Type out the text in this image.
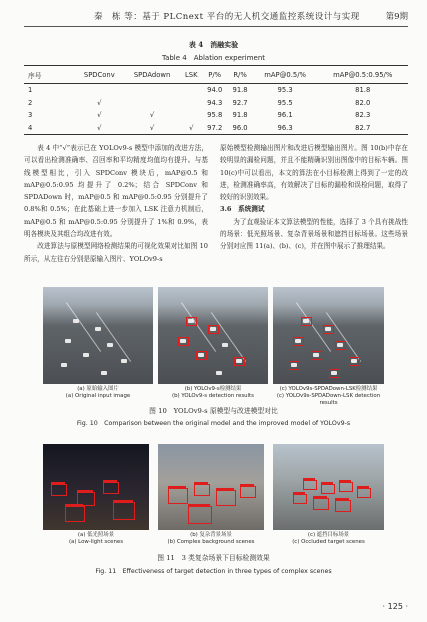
秦　栋 等：基于 PLCnext 平台的无人机交通监控系统设计与实现	第9期
表 4　消融实验
Table 4　Ablation experiment
序号	SPDConv	SPDAdown	LSK	P/%	R/%	mAP@0.5/%	mAP@0.5:0.95/%
1				94.0	91.8	95.3	81.8
2	√			94.3	92.7	95.5	82.0
3	√	√		95.8	91.8	96.1	82.3
4	√	√	√	97.2	96.0	96.3	82.7

表 4 中“√”表示已在 YOLOv9-s 模型中添加的改进方法，可以看出检测准确率、召回率和平均精度均值均有提升。与基线模型相比，引入 SPDConv 模块后，mAP@0.5 和 mAP@0.5:0.95 均提升了 0.2%；结合 SPDConv 和 SPDADown 时，mAP@0.5 和 mAP@0.5:0.95 分别提升了 0.8%和 0.5%；在此基础上进一步加入 LSK 注意力机制后，mAP@0.5 和 mAP@0.5:0.95 分别提升了 1%和 0.9%，表明各模块及其组合均改进有效。

改进算法与原模型网络检测结果的可视化效果对比如图 10 所示，从左往右分别是原输入图片、YOLOv9-s

原始模型检测输出图片和改进后模型输出图片。图 10(b)中存在较明显的漏检问题，并且不能精确识别出图像中的目标车辆。图 10(c)中可以看出，本文的算法在小目标检测上得到了一定的改进，检测准确率高，有效解决了目标的漏检和误检问题，取得了较好的识别效果。

3.6　系统测试

为了直观验证本文算法模型的性能，选择了 3 个具有挑战性的场景：低光照场景、复杂背景场景和遮挡目标场景。这些场景分别对应图 11(a)、(b)、(c)，并在图中展示了推理结果。

(a) 原始输入图片
(a) Original input image
(b) YOLOv9-s检测结果
(b) YOLOv9-s detection results
(c) YOLOv9s-SPDADown-LSK检测结果
(c) YOLOv9s-SPDADown-LSK detection results
图 10　YOLOv9-s 原模型与改进模型对比
Fig. 10　Comparison between the original model and the improved model of YOLOv9-s
(a) 低光照场景
(a) Low-light scenes
(b) 复杂背景场景
(b) Complex background scenes
(c) 遮挡目标场景
(c) Occluded target scenes
图 11　3 类复杂场景下目标检测效果
Fig. 11　Effectiveness of target detection in three types of complex scenes
· 125 ·
